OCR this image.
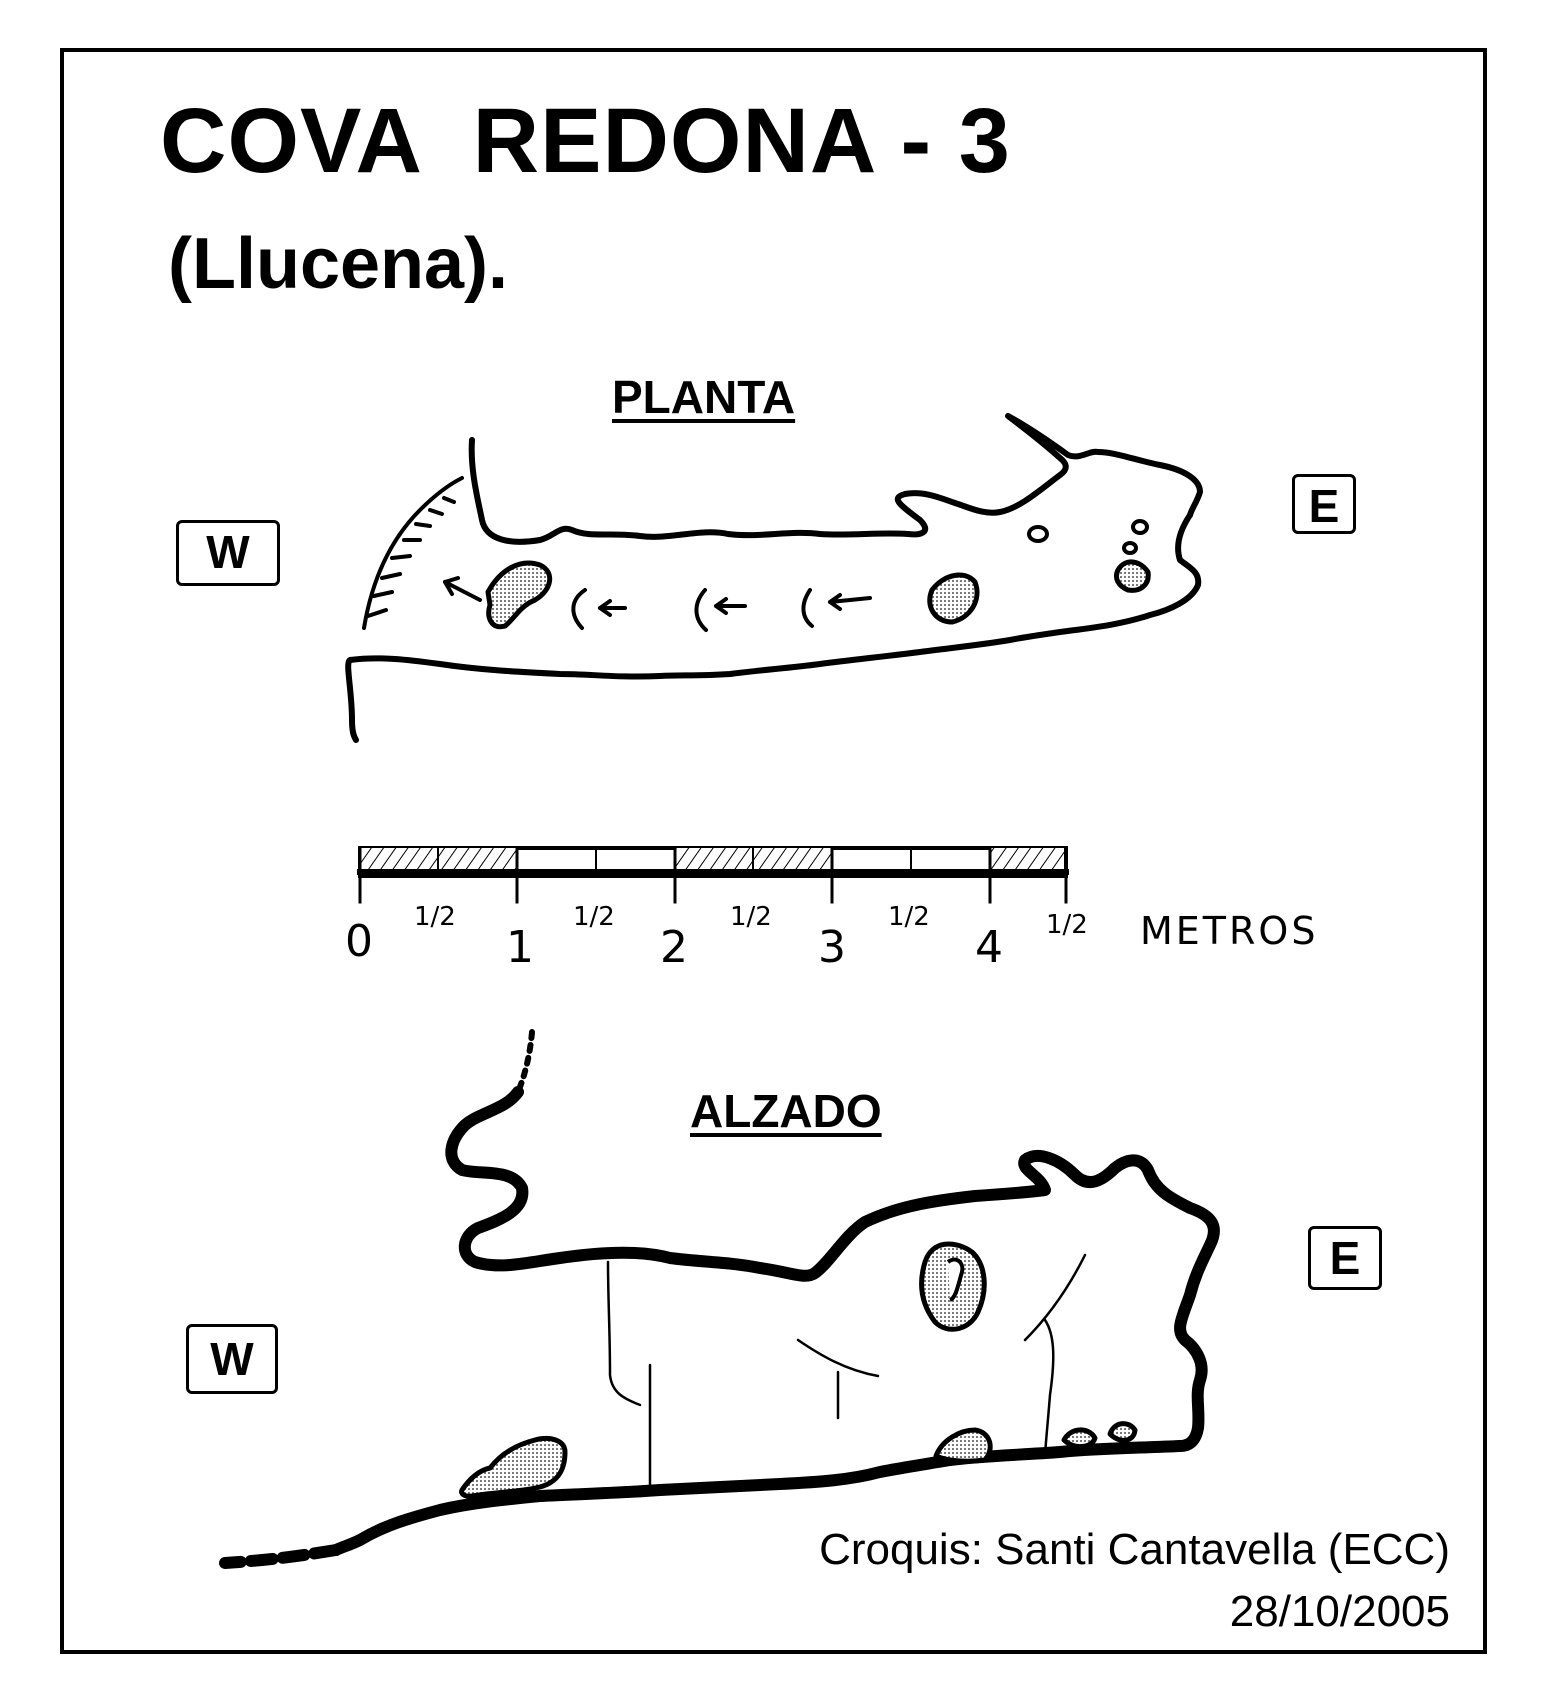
COVA  REDONA - 3
(Llucena).
PLANTA
ALZADO
W
E
W
E
0	1	2	3	4
1/2	1/2	1/2	1/2	1/2 METROS
Croquis: Santi Cantavella (ECC)
28/10/2005
